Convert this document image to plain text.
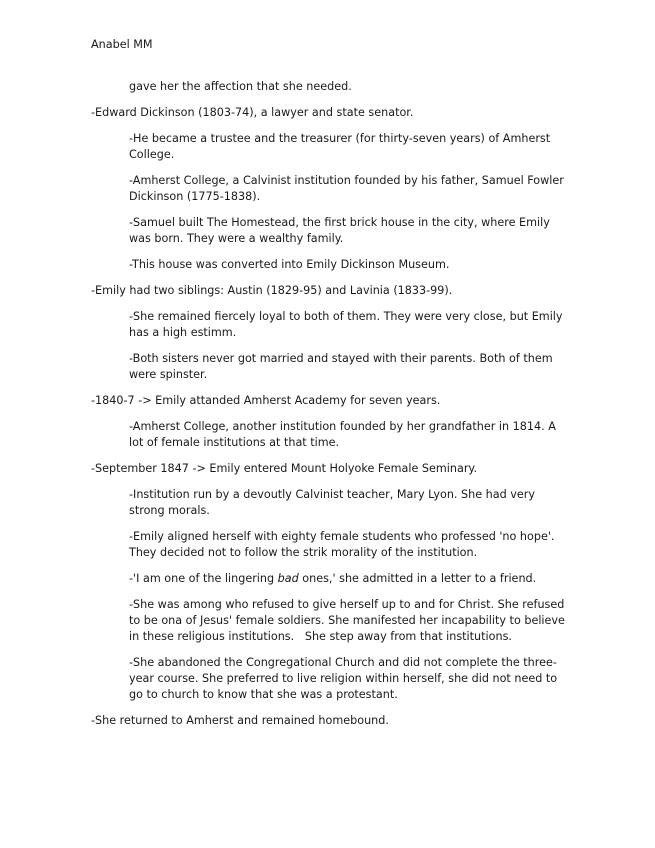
Anabel MM

gave her the affection that she needed.

-Edward Dickinson (1803-74), a lawyer and state senator.

-He became a trustee and the treasurer (for thirty-seven years) of Amherst College.

-Amherst College, a Calvinist institution founded by his father, Samuel Fowler Dickinson (1775-1838).

-Samuel built The Homestead, the first brick house in the city, where Emily was born. They were a wealthy family.

-This house was converted into Emily Dickinson Museum.

-Emily had two siblings: Austin (1829-95) and Lavinia (1833-99).

-She remained fiercely loyal to both of them. They were very close, but Emily has a high estimm.

-Both sisters never got married and stayed with their parents. Both of them were spinster.

-1840-7 -> Emily attanded Amherst Academy for seven years.

-Amherst College, another institution founded by her grandfather in 1814. A lot of female institutions at that time.

-September 1847 -> Emily entered Mount Holyoke Female Seminary.

-Institution run by a devoutly Calvinist teacher, Mary Lyon. She had very strong morals.

-Emily aligned herself with eighty female students who professed 'no hope'. They decided not to follow the strik morality of the institution.

-'I am one of the lingering bad ones,' she admitted in a letter to a friend.

-She was among who refused to give herself up to and for Christ. She refused to be ona of Jesus' female soldiers. She manifested her incapability to believe in these religious institutions.   She step away from that institutions.

-She abandoned the Congregational Church and did not complete the three-year course. She preferred to live religion within herself, she did not need to go to church to know that she was a protestant.

-She returned to Amherst and remained homebound.
